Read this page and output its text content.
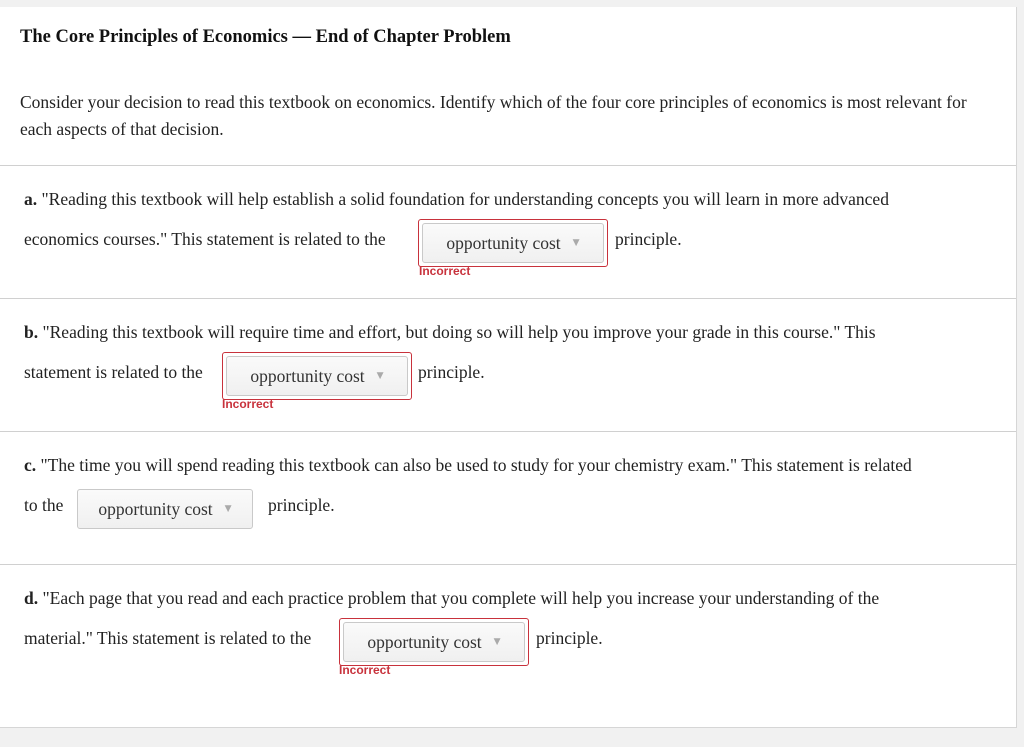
The Core Principles of Economics — End of Chapter Problem
Consider your decision to read this textbook on economics. Identify which of the four core principles of economics is most relevant for each aspects of that decision.
a. "Reading this textbook will help establish a solid foundation for understanding concepts you will learn in more advanced
economics courses." This statement is related to the	opportunity cost ▼ principle.
Incorrect
b. "Reading this textbook will require time and effort, but doing so will help you improve your grade in this course." This
statement is related to the	opportunity cost ▼ principle.
Incorrect
c. "The time you will spend reading this textbook can also be used to study for your chemistry exam." This statement is related
to the opportunity cost ▼ principle.
d. "Each page that you read and each practice problem that you complete will help you increase your understanding of the
material." This statement is related to the	opportunity cost ▼ principle.
Incorrect
